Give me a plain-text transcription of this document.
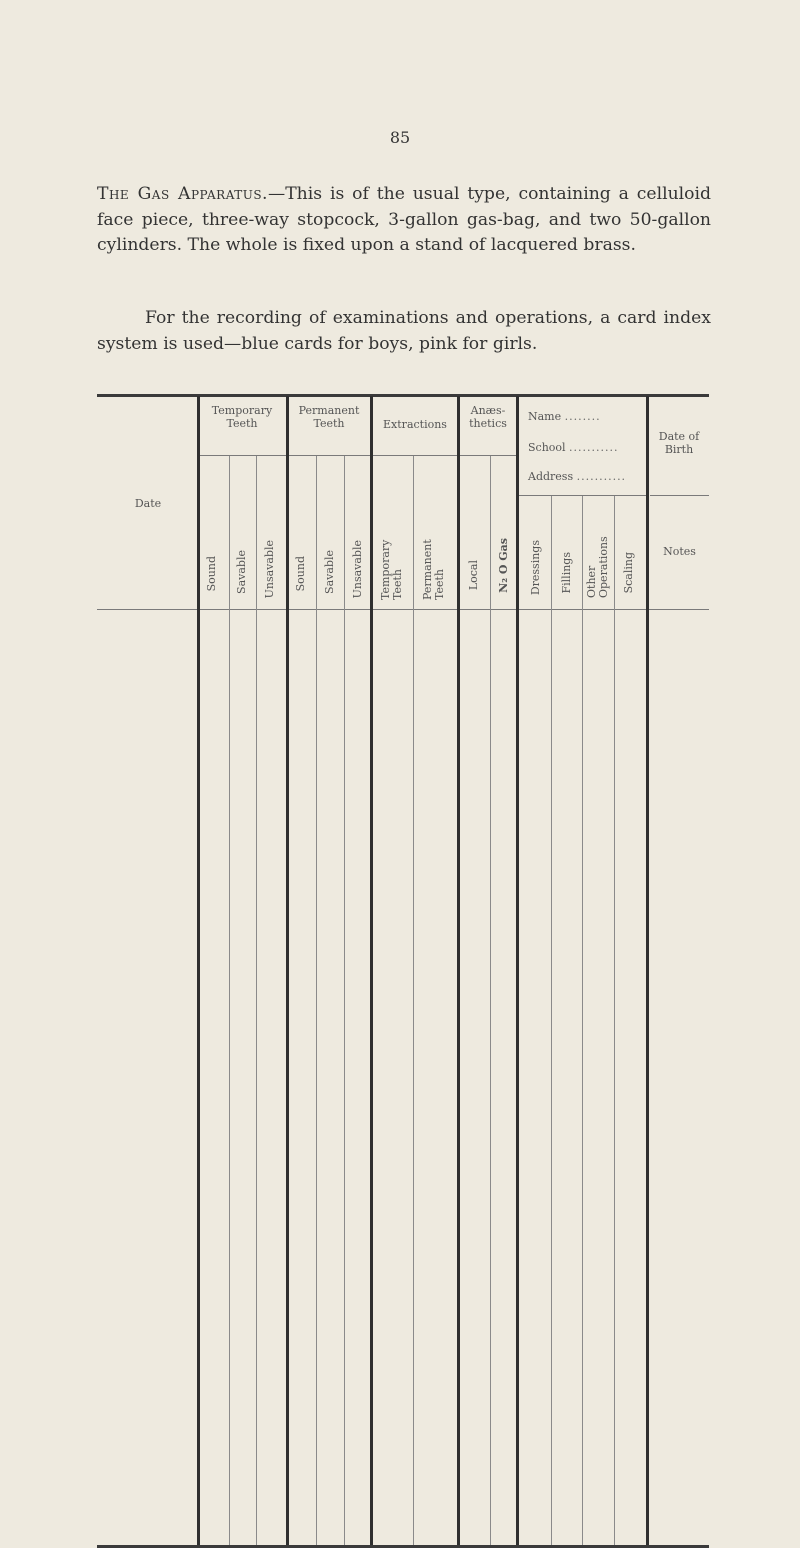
85
The Gas Apparatus.—This is of the usual type, containing a celluloid face piece, three-way stopcock, 3-gallon gas-bag, and two 50-gallon cylinders. The whole is fixed upon a stand of lacquered brass.
For the recording of examinations and operations, a card index system is used—blue cards for boys, pink for girls.
Date
Temporary Teeth
Permanent Teeth	Extractions
Anæs- thetics
Name ........
School ...........
Address ...........
Date of Birth
Notes
Sound Savable Unsavable Sound Savable Unsavable Temporary Teeth Permanent Teeth Local N₂ O Gas Dressings Fillings Other Operations Scaling
